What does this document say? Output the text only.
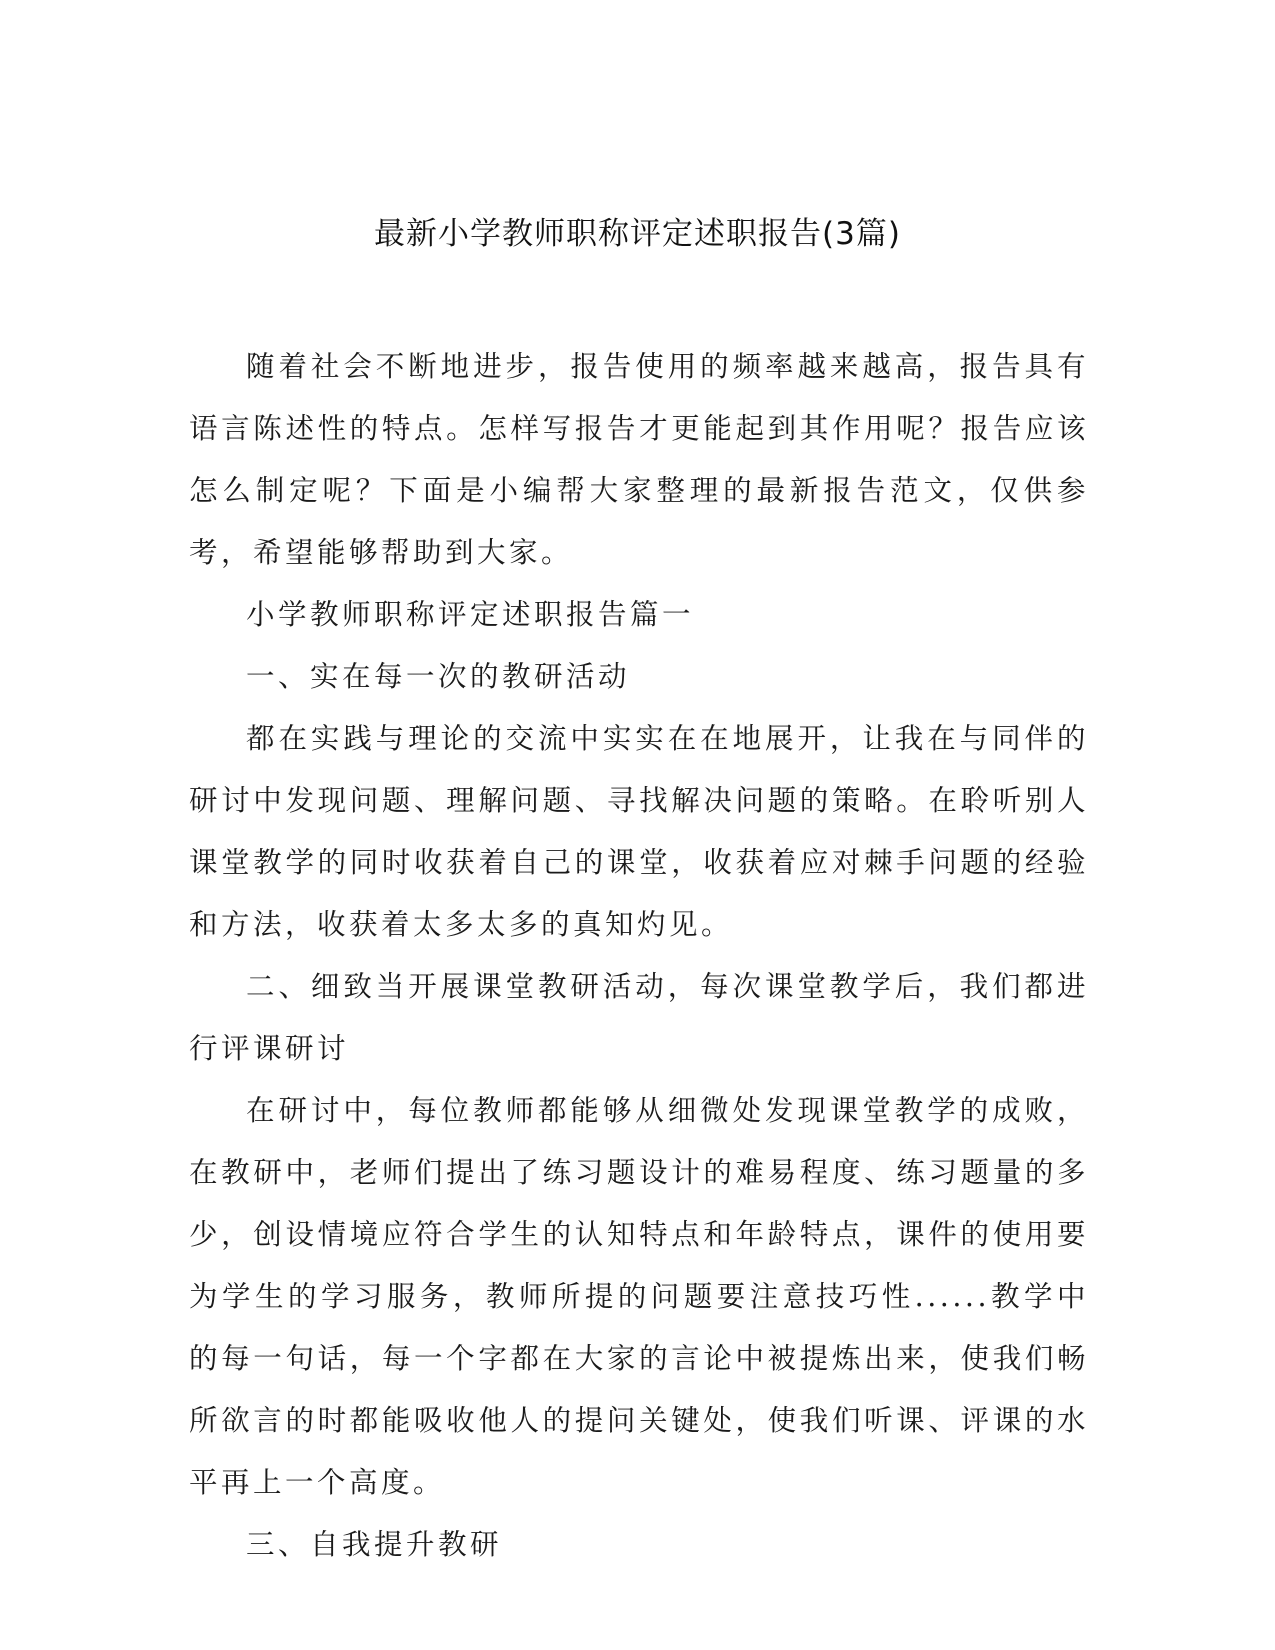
最新小学教师职称评定述职报告(3篇)

随着社会不断地进步，报告使用的频率越来越高，报告具有语言陈述性的特点。怎样写报告才更能起到其作用呢？报告应该怎么制定呢？下面是小编帮大家整理的最新报告范文，仅供参考，希望能够帮助到大家。

小学教师职称评定述职报告篇一

一、实在每一次的教研活动

都在实践与理论的交流中实实在在地展开，让我在与同伴的研讨中发现问题、理解问题、寻找解决问题的策略。在聆听别人课堂教学的同时收获着自己的课堂，收获着应对棘手问题的经验和方法，收获着太多太多的真知灼见。

二、细致当开展课堂教研活动，每次课堂教学后，我们都进行评课研讨

在研讨中，每位教师都能够从细微处发现课堂教学的成败，在教研中，老师们提出了练习题设计的难易程度、练习题量的多少，创设情境应符合学生的认知特点和年龄特点，课件的使用要为学生的学习服务，教师所提的问题要注意技巧性......教学中的每一句话，每一个字都在大家的言论中被提炼出来，使我们畅所欲言的时都能吸收他人的提问关键处，使我们听课、评课的水平再上一个高度。

三、自我提升教研
